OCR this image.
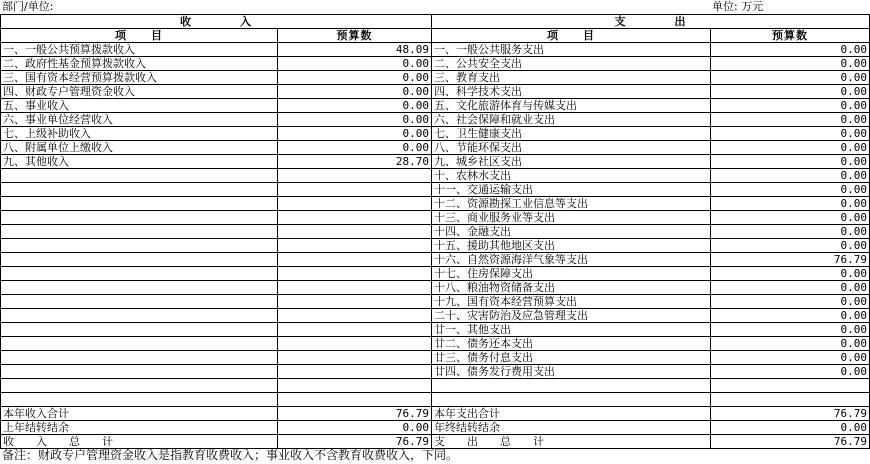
部门/单位:	单位: 万元
收　　　　入		支　　　　出	
项　　目	预算数	项　　目	预算数
一、一般公共预算拨款收入	48.09	一、一般公共服务支出	0.00
二、政府性基金预算拨款收入	0.00	二、公共安全支出	0.00
三、国有资本经营预算拨款收入	0.00	三、教育支出	0.00
四、财政专户管理资金收入	0.00	四、科学技术支出	0.00
五、事业收入	0.00	五、文化旅游体育与传媒支出	0.00
六、事业单位经营收入	0.00	六、社会保障和就业支出	0.00
七、上级补助收入	0.00	七、卫生健康支出	0.00
八、附属单位上缴收入	0.00	八、节能环保支出	0.00
九、其他收入	28.70	九、城乡社区支出	0.00
		十、农林水支出	0.00
		十一、交通运输支出	0.00
		十二、资源勘探工业信息等支出	0.00
		十三、商业服务业等支出	0.00
		十四、金融支出	0.00
		十五、援助其他地区支出	0.00
		十六、自然资源海洋气象等支出	76.79
		十七、住房保障支出	0.00
		十八、粮油物资储备支出	0.00
		十九、国有资本经营预算支出	0.00
		二十、灾害防治及应急管理支出	0.00
		廿一、其他支出	0.00
		廿二、债务还本支出	0.00
		廿三、债务付息支出	0.00
		廿四、债务发行费用支出	0.00

本年收入合计	76.79	本年支出合计	76.79
上年结转结余	0.00	年终结转结余	0.00
收　　入　　总　　计	76.79	支　　出　　总　　计	76.79
备注：财政专户管理资金收入是指教育收费收入；事业收入不含教育收费收入，下同。
